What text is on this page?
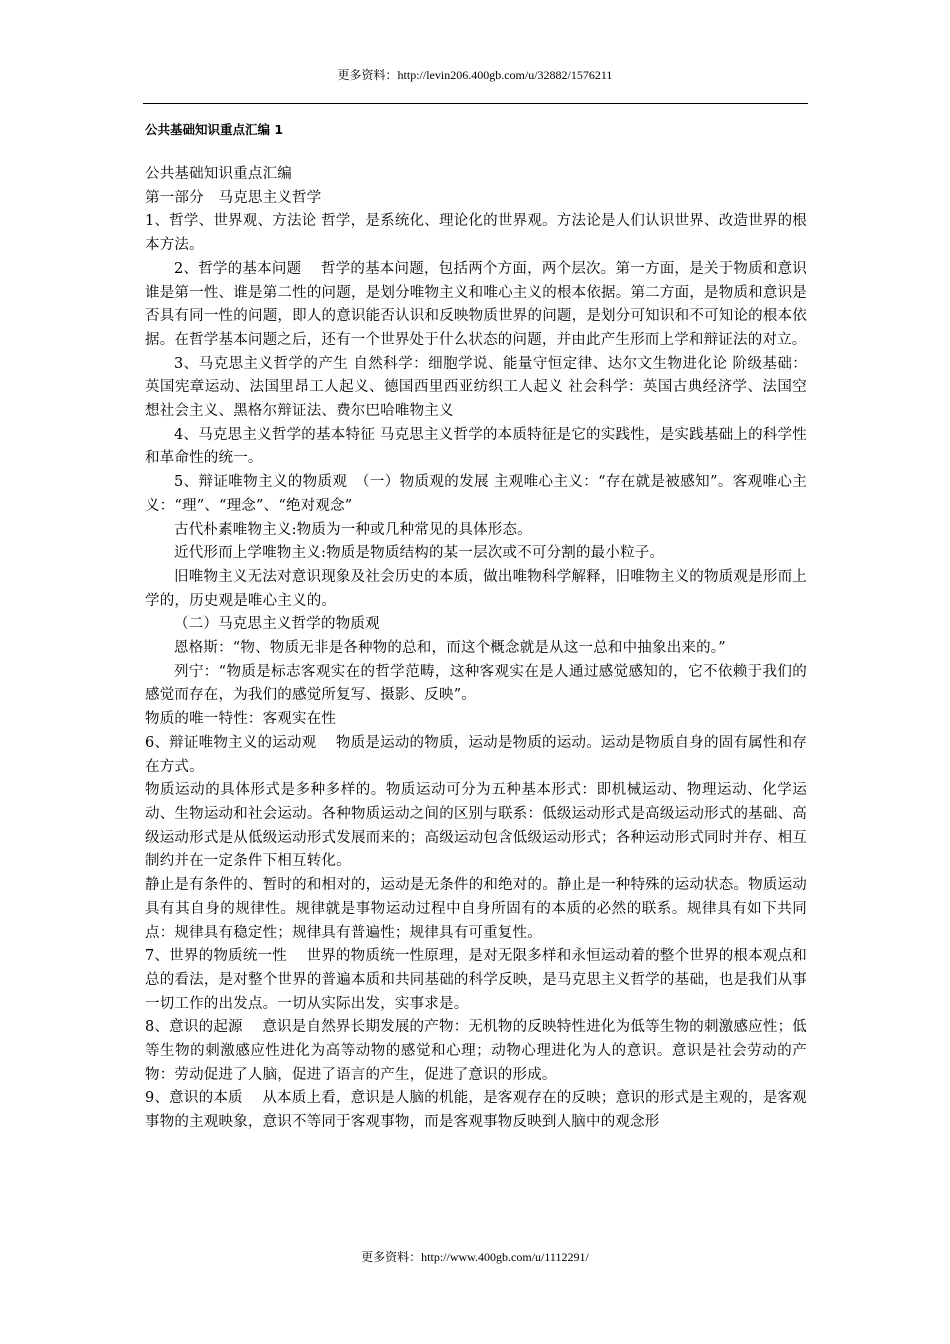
更多资料：http://levin206.400gb.com/u/32882/1576211
公共基础知识重点汇编 1

公共基础知识重点汇编

第一部分　马克思主义哲学

1、哲学、世界观、方法论 哲学，是系统化、理论化的世界观。方法论是人们认识世界、改造世界的根本方法。

2、哲学的基本问题　 哲学的基本问题，包括两个方面，两个层次。第一方面，是关于物质和意识谁是第一性、谁是第二性的问题，是划分唯物主义和唯心主义的根本依据。第二方面，是物质和意识是否具有同一性的问题，即人的意识能否认识和反映物质世界的问题，是划分可知识和不可知论的根本依据。在哲学基本问题之后，还有一个世界处于什么状态的问题，并由此产生形而上学和辩证法的对立。

3、马克思主义哲学的产生 自然科学：细胞学说、能量守恒定律、达尔文生物进化论 阶级基础：英国宪章运动、法国里昂工人起义、德国西里西亚纺织工人起义 社会科学：英国古典经济学、法国空想社会主义、黑格尔辩证法、费尔巴哈唯物主义

4、马克思主义哲学的基本特征 马克思主义哲学的本质特征是它的实践性，是实践基础上的科学性和革命性的统一。

5、辩证唯物主义的物质观　（一）物质观的发展 主观唯心主义：“存在就是被感知”。客观唯心主义：“理”、“理念”、“绝对观念”

古代朴素唯物主义:物质为一种或几种常见的具体形态。

近代形而上学唯物主义:物质是物质结构的某一层次或不可分割的最小粒子。

旧唯物主义无法对意识现象及社会历史的本质，做出唯物科学解释，旧唯物主义的物质观是形而上学的，历史观是唯心主义的。

（二）马克思主义哲学的物质观

恩格斯：“物、物质无非是各种物的总和，而这个概念就是从这一总和中抽象出来的。”

列宁：“物质是标志客观实在的哲学范畴，这种客观实在是人通过感觉感知的，它不依赖于我们的感觉而存在，为我们的感觉所复写、摄影、反映”。

物质的唯一特性：客观实在性

6、辩证唯物主义的运动观　 物质是运动的物质，运动是物质的运动。运动是物质自身的固有属性和存在方式。

物质运动的具体形式是多种多样的。物质运动可分为五种基本形式：即机械运动、物理运动、化学运动、生物运动和社会运动。各种物质运动之间的区别与联系：低级运动形式是高级运动形式的基础、高级运动形式是从低级运动形式发展而来的；高级运动包含低级运动形式；各种运动形式同时并存、相互制约并在一定条件下相互转化。

静止是有条件的、暂时的和相对的，运动是无条件的和绝对的。静止是一种特殊的运动状态。物质运动具有其自身的规律性。规律就是事物运动过程中自身所固有的本质的必然的联系。规律具有如下共同点：规律具有稳定性；规律具有普遍性；规律具有可重复性。

7、世界的物质统一性　 世界的物质统一性原理，是对无限多样和永恒运动着的整个世界的根本观点和总的看法，是对整个世界的普遍本质和共同基础的科学反映，是马克思主义哲学的基础，也是我们从事一切工作的出发点。一切从实际出发，实事求是。

8、意识的起源　 意识是自然界长期发展的产物：无机物的反映特性进化为低等生物的刺激感应性；低等生物的刺激感应性进化为高等动物的感觉和心理；动物心理进化为人的意识。意识是社会劳动的产物：劳动促进了人脑，促进了语言的产生，促进了意识的形成。

9、意识的本质　 从本质上看，意识是人脑的机能，是客观存在的反映；意识的形式是主观的，是客观事物的主观映象，意识不等同于客观事物，而是客观事物反映到人脑中的观念形

更多资料：http://www.400gb.com/u/1112291/
